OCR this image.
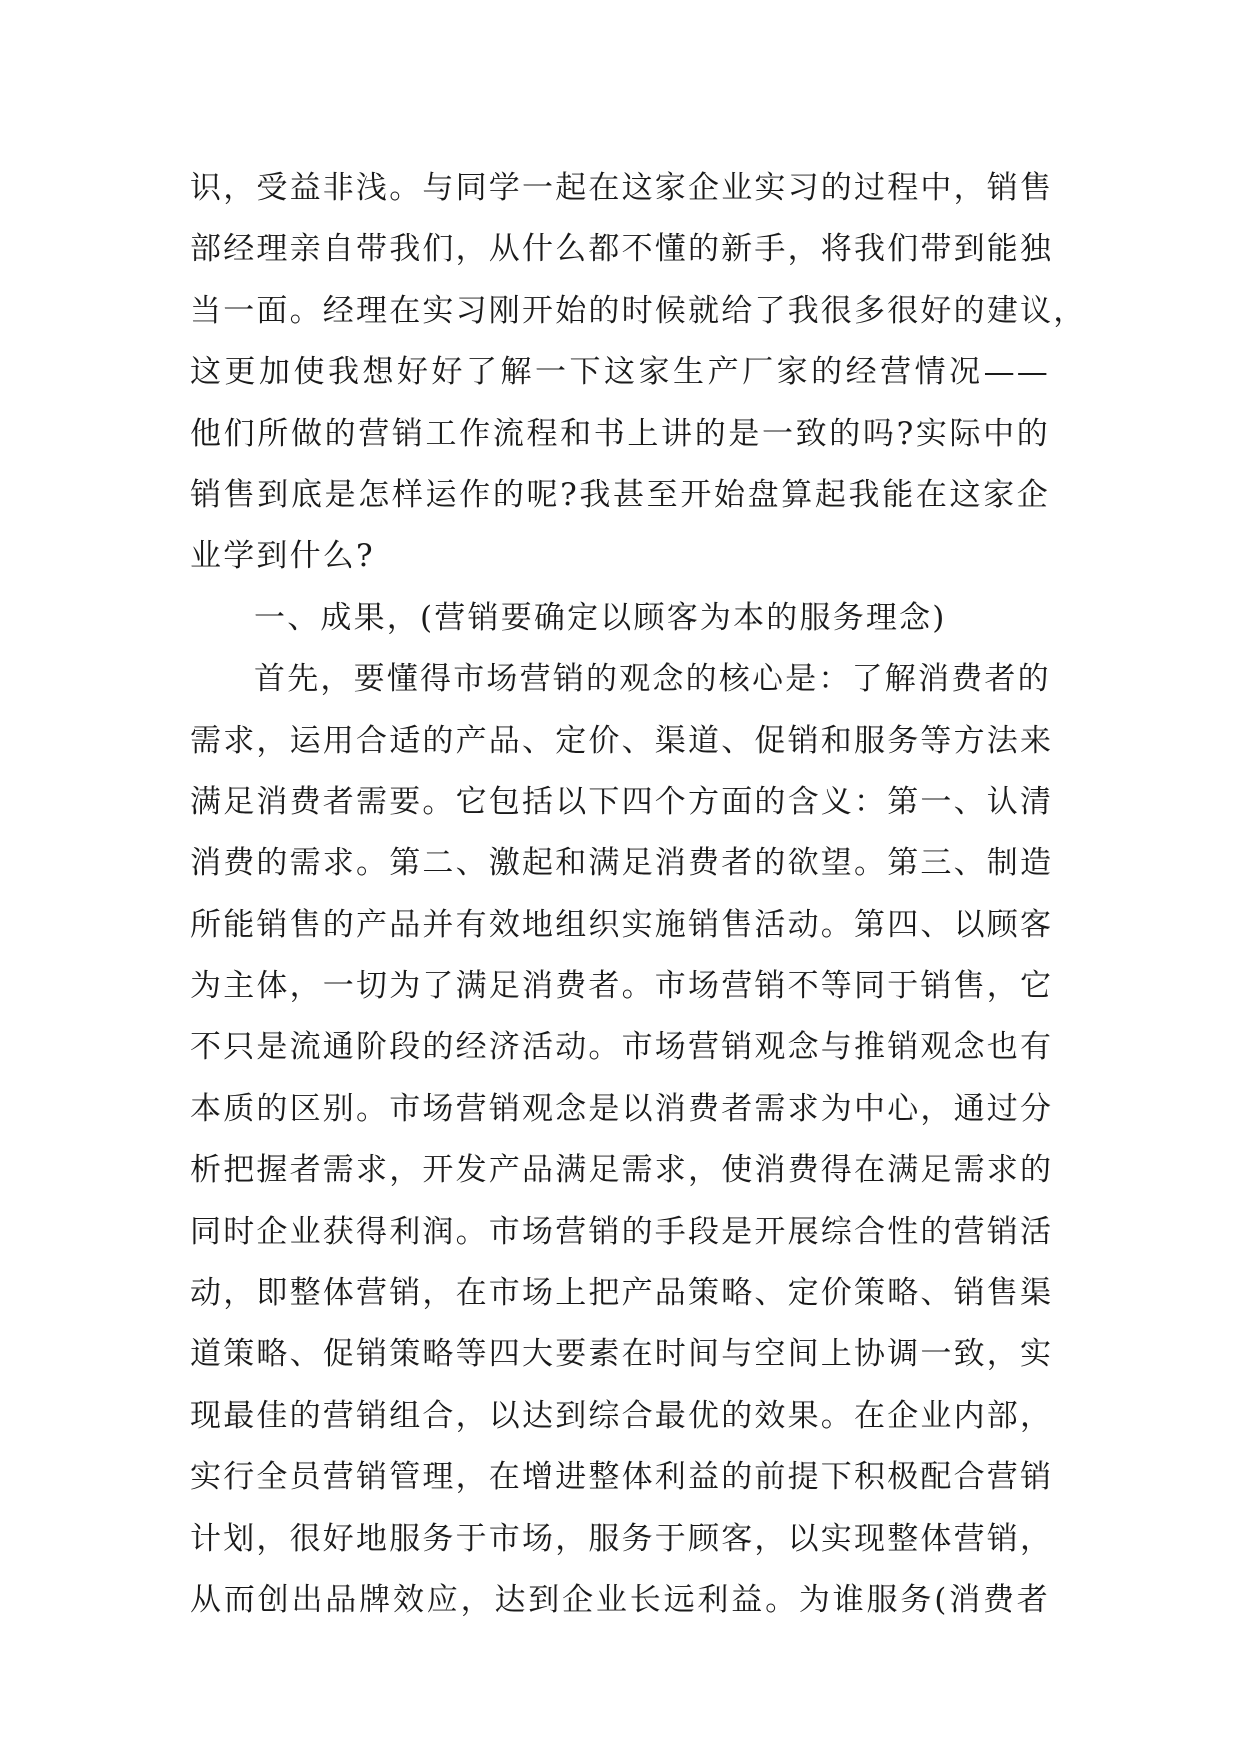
识，受益非浅。与同学一起在这家企业实习的过程中，销售
部经理亲自带我们，从什么都不懂的新手，将我们带到能独
当一面。经理在实习刚开始的时候就给了我很多很好的建议，
这更加使我想好好了解一下这家生产厂家的经营情况——
他们所做的营销工作流程和书上讲的是一致的吗?实际中的
销售到底是怎样运作的呢?我甚至开始盘算起我能在这家企
业学到什么?
一、成果，(营销要确定以顾客为本的服务理念)
首先，要懂得市场营销的观念的核心是：了解消费者的
需求，运用合适的产品、定价、渠道、促销和服务等方法来
满足消费者需要。它包括以下四个方面的含义：第一、认清
消费的需求。第二、激起和满足消费者的欲望。第三、制造
所能销售的产品并有效地组织实施销售活动。第四、以顾客
为主体，一切为了满足消费者。市场营销不等同于销售，它
不只是流通阶段的经济活动。市场营销观念与推销观念也有
本质的区别。市场营销观念是以消费者需求为中心，通过分
析把握者需求，开发产品满足需求，使消费得在满足需求的
同时企业获得利润。市场营销的手段是开展综合性的营销活
动，即整体营销，在市场上把产品策略、定价策略、销售渠
道策略、促销策略等四大要素在时间与空间上协调一致，实
现最佳的营销组合，以达到综合最优的效果。在企业内部，
实行全员营销管理，在增进整体利益的前提下积极配合营销
计划，很好地服务于市场，服务于顾客，以实现整体营销，
从而创出品牌效应，达到企业长远利益。为谁服务(消费者
